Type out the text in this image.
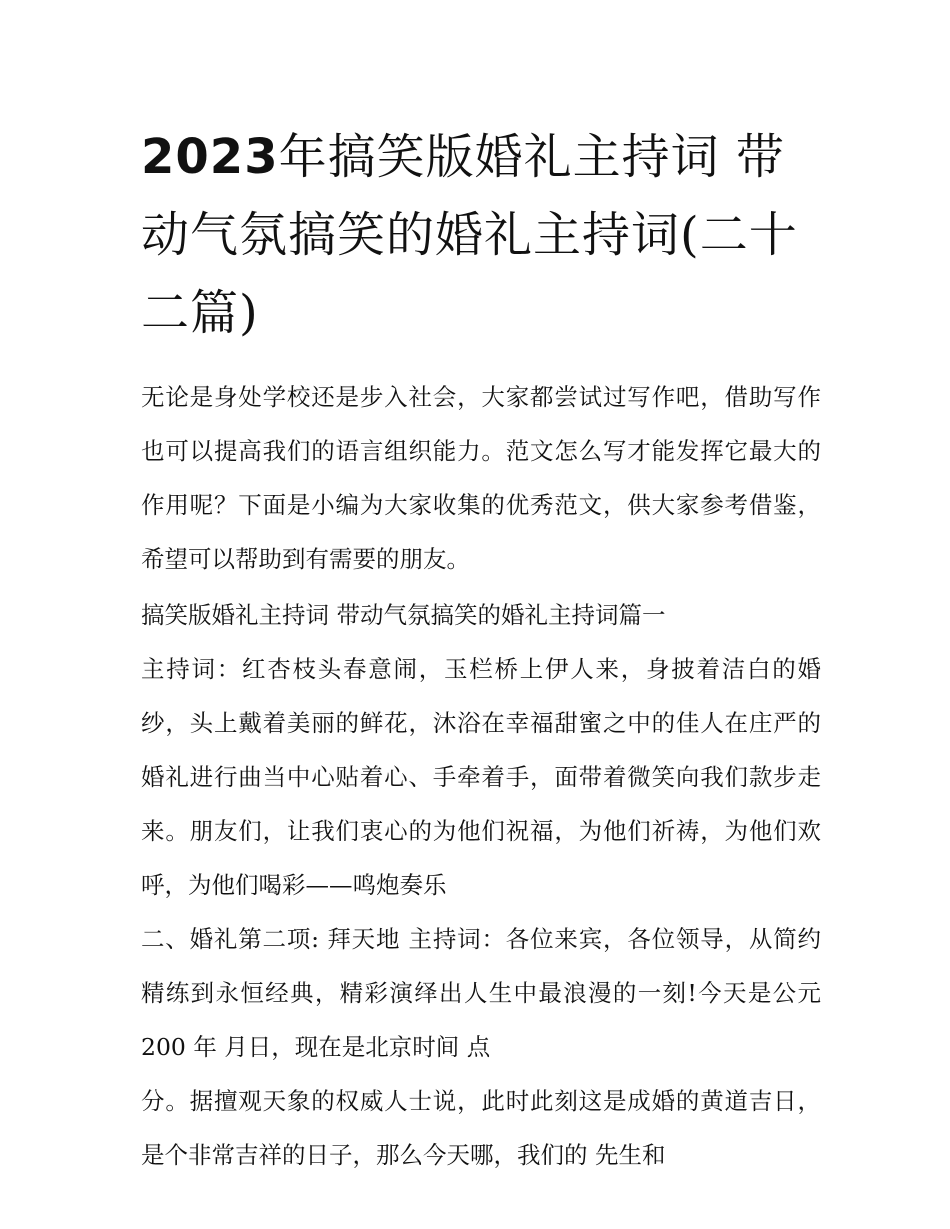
2023年搞笑版婚礼主持词 带动气氛搞笑的婚礼主持词(二十二篇)

无论是身处学校还是步入社会，大家都尝试过写作吧，借助写作也可以提高我们的语言组织能力。范文怎么写才能发挥它最大的作用呢？下面是小编为大家收集的优秀范文，供大家参考借鉴，希望可以帮助到有需要的朋友。

搞笑版婚礼主持词 带动气氛搞笑的婚礼主持词篇一

主持词：红杏枝头春意闹，玉栏桥上伊人来，身披着洁白的婚纱，头上戴着美丽的鲜花，沐浴在幸福甜蜜之中的佳人在庄严的婚礼进行曲当中心贴着心、手牵着手，面带着微笑向我们款步走来。朋友们，让我们衷心的为他们祝福，为他们祈祷，为他们欢呼，为他们喝彩——鸣炮奏乐

二、婚礼第二项: 拜天地 主持词：各位来宾，各位领导，从简约精练到永恒经典，精彩演绎出人生中最浪漫的一刻!今天是公元200 年 月日，现在是北京时间 点

分。据擅观天象的权威人士说，此时此刻这是成婚的黄道吉日，是个非常吉祥的日子，那么今天哪，我们的 先生和
